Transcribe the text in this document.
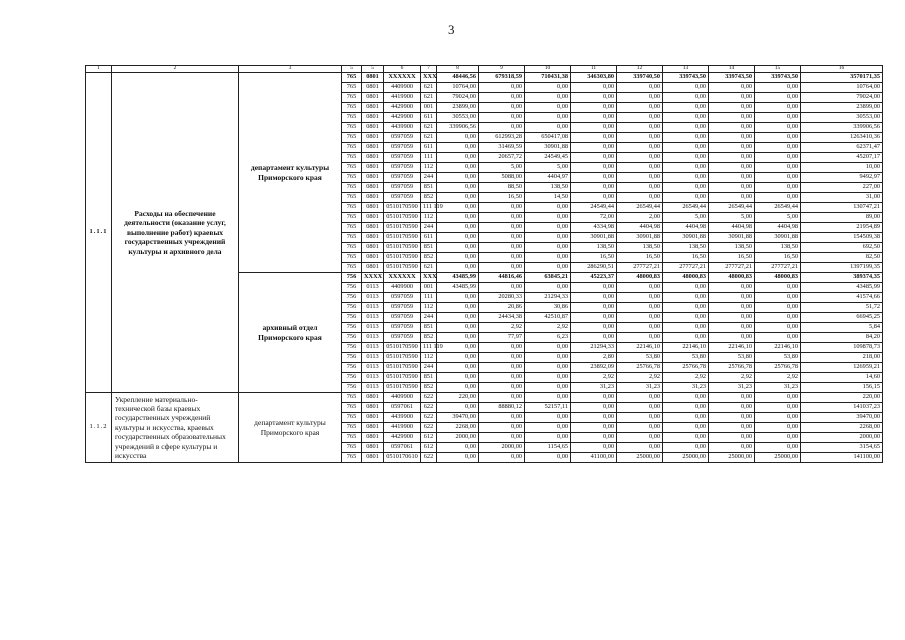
3
1	2	3	5	5	6	7	8	9	10	11	12	13	14	15	16
1.1.1	Расходы на обеспечение деятельности (оказание услуг, выполнение работ) краевых государственных учреждений культуры и архивного дела	департамент культуры Приморского края	765	0801	XXXXXX	XXX	48446,56	679318,59	710431,38	346303,80	339740,50	339743,50	339743,50	339743,50	3570171,35
			765	0801	4409900	621	10764,00	0,00	0,00	0,00	0,00	0,00	0,00	0,00	10764,00
			765	0801	4419900	621	79024,00	0,00	0,00	0,00	0,00	0,00	0,00	0,00	79024,00
			765	0801	4429900	001	23899,00	0,00	0,00	0,00	0,00	0,00	0,00	0,00	23899,00
			765	0801	4429900	611	30553,00	0,00	0,00	0,00	0,00	0,00	0,00	0,00	30553,00
			765	0801	4439900	621	339906,56	0,00	0,00	0,00	0,00	0,00	0,00	0,00	339906,56
			765	0801	0597059	621	0,00	612993,28	650417,08	0,00	0,00	0,00	0,00	0,00	1263410,36
			765	0801	0597059	611	0,00	31469,59	30901,88	0,00	0,00	0,00	0,00	0,00	62371,47
			765	0801	0597059	111	0,00	20657,72	24549,45	0,00	0,00	0,00	0,00	0,00	45207,17
			765	0801	0597059	112	0,00	5,00	5,00	0,00	0,00	0,00	0,00	0,00	10,00
			765	0801	0597059	244	0,00	5088,00	4404,97	0,00	0,00	0,00	0,00	0,00	9492,97
			765	0801	0597059	851	0,00	88,50	138,50	0,00	0,00	0,00	0,00	0,00	227,00
			765	0801	0597059	852	0,00	16,50	14,50	0,00	0,00	0,00	0,00	0,00	31,00
			765	0801	0510170590	111 119	0,00	0,00	0,00	24549,44	26549,44	26549,44	26549,44	26549,44	130747,21
			765	0801	0510170590	112	0,00	0,00	0,00	72,00	2,00	5,00	5,00	5,00	89,00
			765	0801	0510170590	244	0,00	0,00	0,00	4334,98	4404,98	4404,98	4404,98	4404,98	21954,89
			765	0801	0510170590	611	0,00	0,00	0,00	30901,88	30901,88	30901,88	30901,88	30901,88	154509,38
			765	0801	0510170590	851	0,00	0,00	0,00	138,50	138,50	138,50	138,50	138,50	692,50
			765	0801	0510170590	852	0,00	0,00	0,00	16,50	16,50	16,50	16,50	16,50	82,50
			765	0801	0510170590	621	0,00	0,00	0,00	286290,51	277727,21	277727,21	277727,21	277727,21	1397199,35
		архивный отдел Приморского края	756	XXXX	XXXXXX	XXX	43485,99	44816,46	63845,21	45223,37	48000,83	48000,83	48000,83	48000,83	389374,35
			756	0113	4409900	001	43485,99	0,00	0,00	0,00	0,00	0,00	0,00	0,00	43485,99
			756	0113	0597059	111	0,00	20280,33	21294,33	0,00	0,00	0,00	0,00	0,00	41574,66
			756	0113	0597059	112	0,00	20,86	30,86	0,00	0,00	0,00	0,00	0,00	51,72
			756	0113	0597059	244	0,00	24434,38	42510,87	0,00	0,00	0,00	0,00	0,00	66945,25
			756	0113	0597059	851	0,00	2,92	2,92	0,00	0,00	0,00	0,00	0,00	5,84
			756	0113	0597059	852	0,00	77,97	6,23	0,00	0,00	0,00	0,00	0,00	84,20
			756	0113	0510170590	111 119	0,00	0,00	0,00	21294,33	22146,10	22146,10	22146,10	22146,10	109878,73
			756	0113	0510170590	112	0,00	0,00	0,00	2,80	53,80	53,80	53,80	53,80	218,00
			756	0113	0510170590	244	0,00	0,00	0,00	23892,09	25766,78	25766,78	25766,78	25766,78	126959,21
			756	0113	0510170590	851	0,00	0,00	0,00	2,92	2,92	2,92	2,92	2,92	14,60
			756	0113	0510170590	852	0,00	0,00	0,00	31,23	31,23	31,23	31,23	31,23	156,15
1.1.2	Укрепление материально-технической базы краевых государственных учреждений культуры и искусства, краевых государственных образовательных учреждений в сфере культуры и искусства	департамент культуры Приморского края	765	0801	4409900	622	220,00	0,00	0,00	0,00	0,00	0,00	0,00	0,00	220,00
			765	0801	0597061	622	0,00	88880,12	52157,11	0,00	0,00	0,00	0,00	0,00	141037,23
			765	0801	4439900	622	39470,00	0,00	0,00	0,00	0,00	0,00	0,00	0,00	39470,00
			765	0801	4419900	622	2268,00	0,00	0,00	0,00	0,00	0,00	0,00	0,00	2268,00
			765	0801	4429900	612	2000,00	0,00	0,00	0,00	0,00	0,00	0,00	0,00	2000,00
			765	0801	0597061	612	0,00	2000,00	1154,65	0,00	0,00	0,00	0,00	0,00	3154,65
			765	0801	0510170610	622	0,00	0,00	0,00	41100,00	25000,00	25000,00	25000,00	25000,00	141100,00
